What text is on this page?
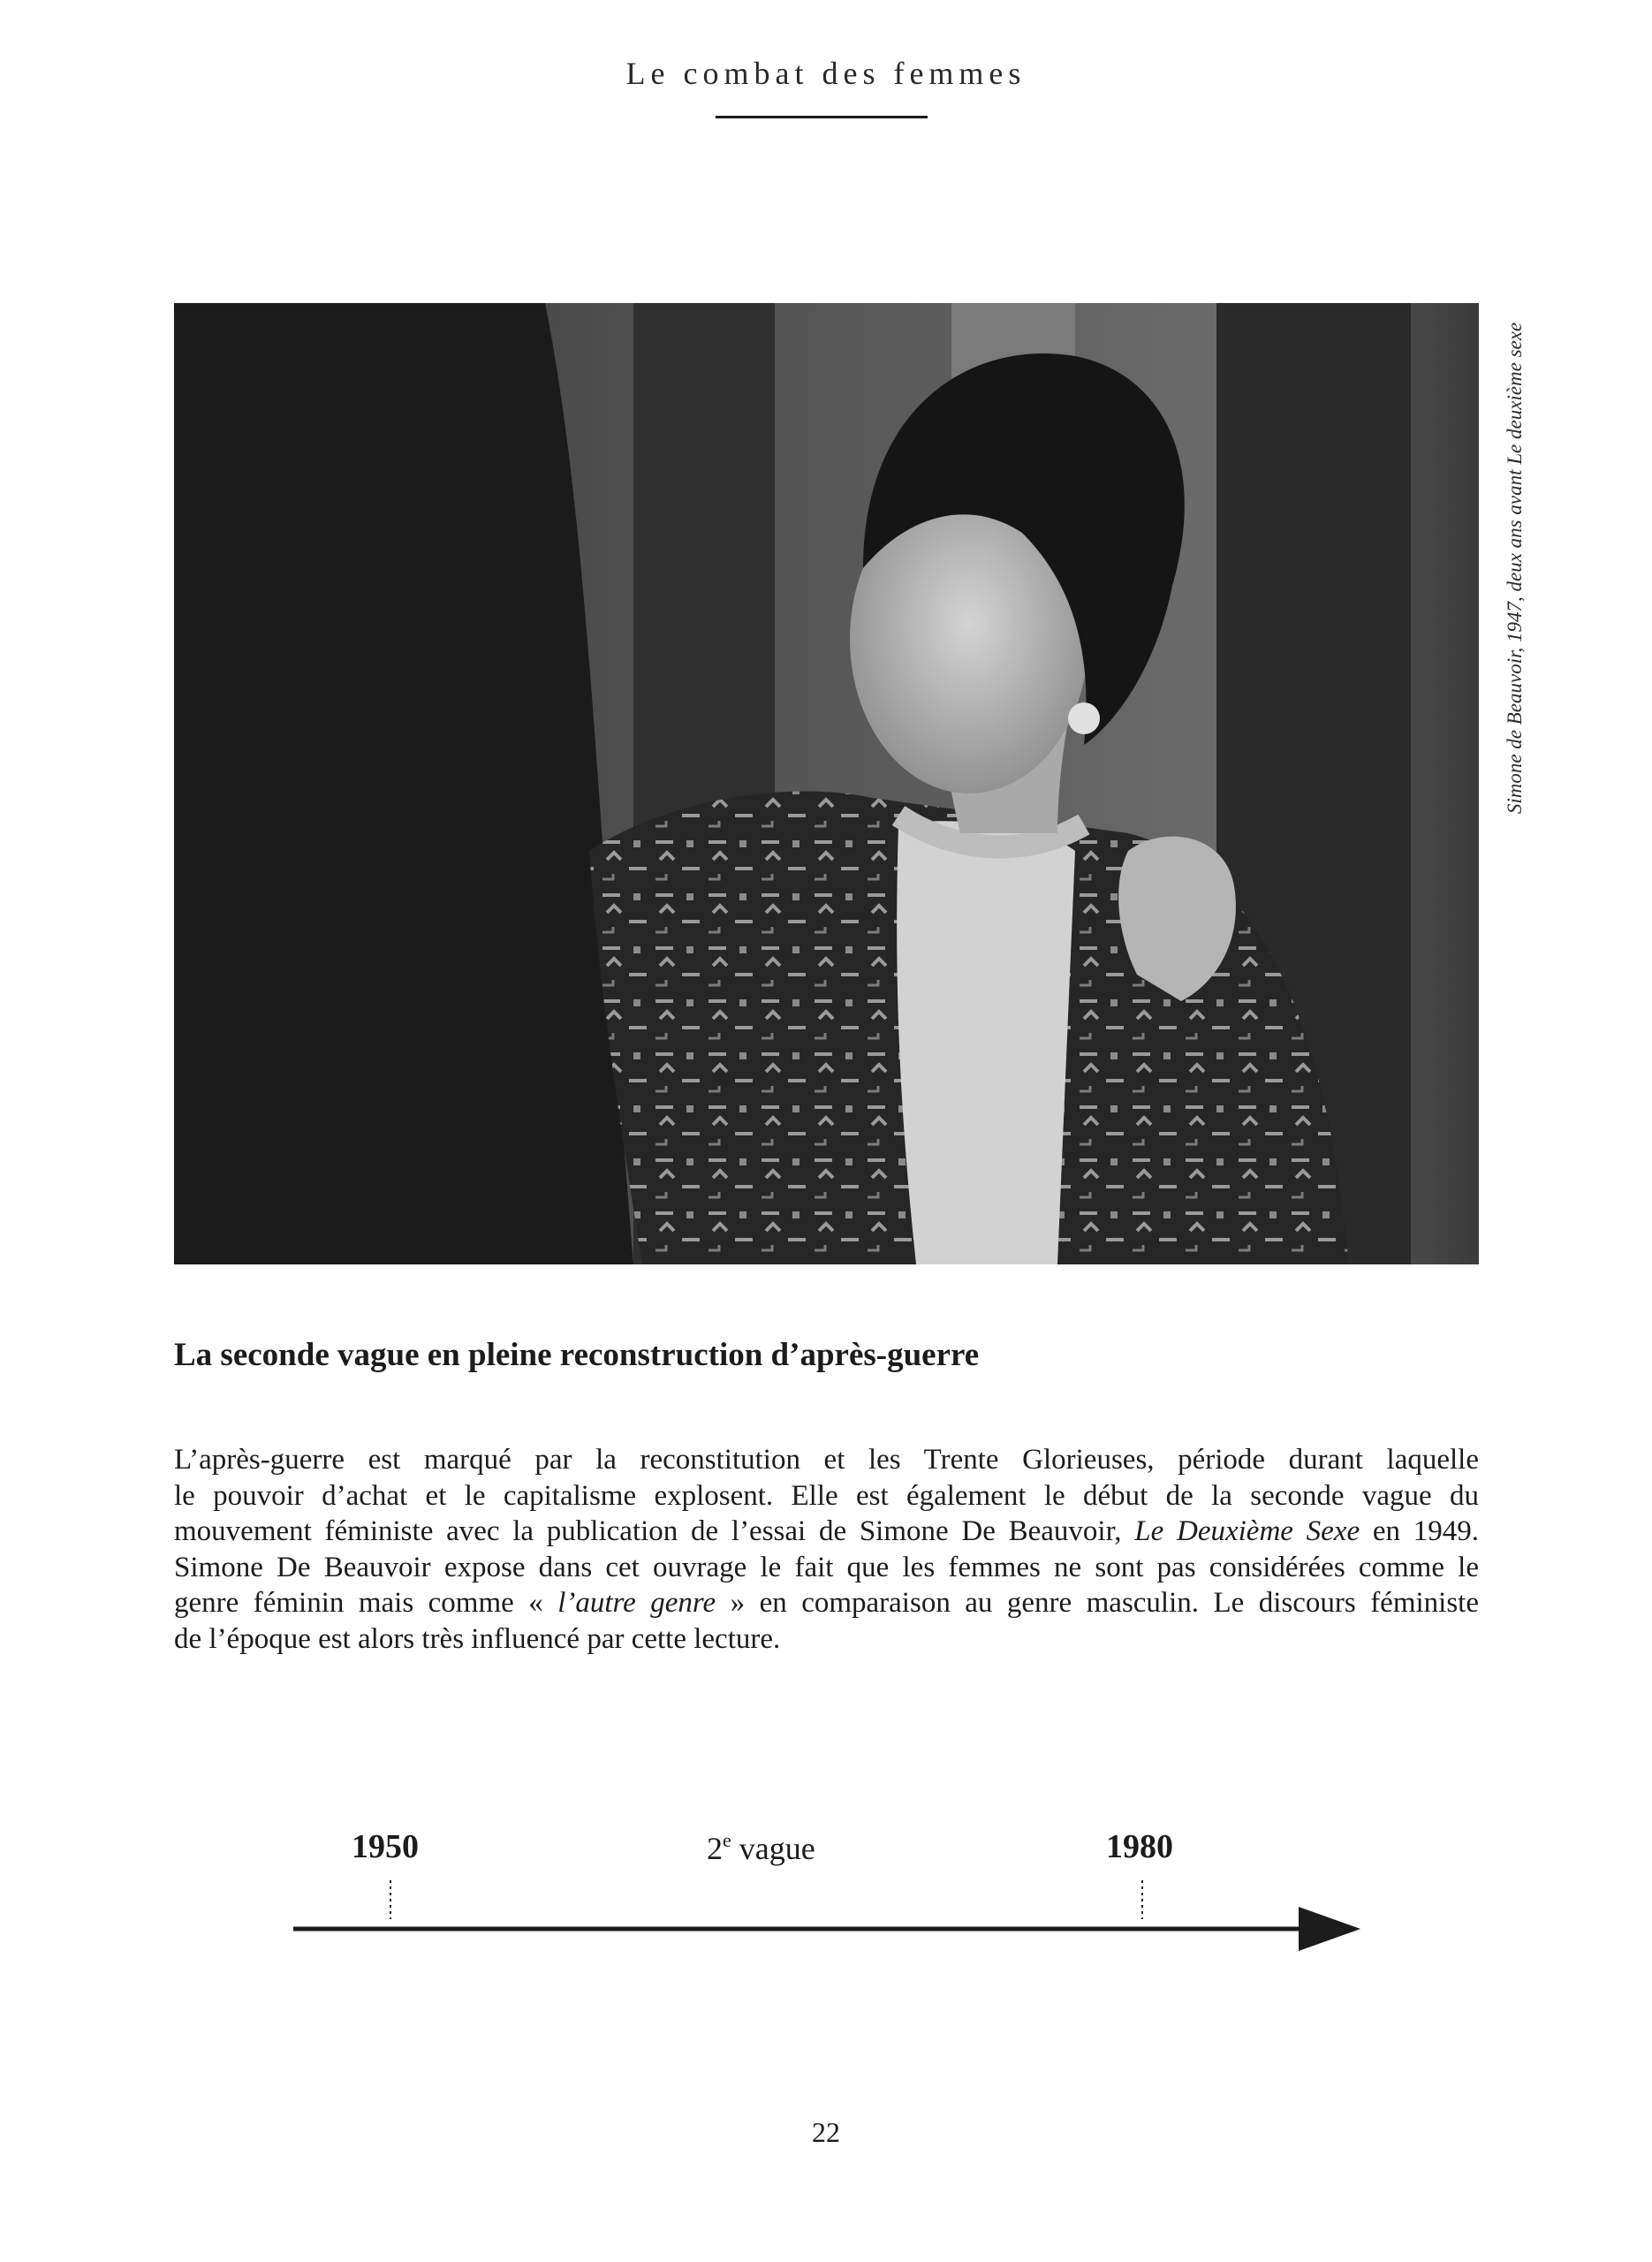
Le combat des femmes
Simone de Beauvoir, 1947, deux ans avant Le deuxième sexe
La seconde vague en pleine reconstruction d’après-guerre
L’après-guerre est marqué par la reconstitution et les Trente Glorieuses, période durant laquelle
le pouvoir d’achat et le capitalisme explosent. Elle est également le début de la seconde vague du
mouvement féministe avec la publication de l’essai de Simone De Beauvoir, Le Deuxième Sexe en 1949.
Simone De Beauvoir expose dans cet ouvrage le fait que les femmes ne sont pas considérées comme le
genre féminin mais comme « l’autre genre » en comparaison au genre masculin. Le discours féministe
de l’époque est alors très influencé par cette lecture.
1950	2e vague	1980
22
